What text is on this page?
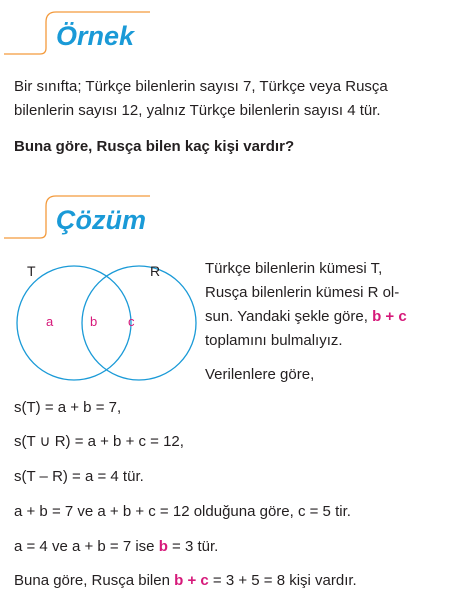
Örnek
Bir sınıfta; Türkçe bilenlerin sayısı 7, Türkçe veya Rusça
bilenlerin sayısı 12, yalnız Türkçe bilenlerin sayısı 4 tür.
Buna göre, Rusça bilen kaç kişi vardır?
Çözüm
T	R
a	b c
Türkçe bilenlerin kümesi T,
Rusça bilenlerin kümesi R ol-
sun. Yandaki şekle göre, b + c
toplamını bulmalıyız.
Verilenlere göre,
s(T) = a + b = 7,
s(T ∪ R) = a + b + c = 12,
s(T – R) = a = 4 tür.
a + b = 7 ve a + b + c = 12 olduğuna göre, c = 5 tir.
a = 4 ve a + b = 7 ise b = 3 tür.
Buna göre, Rusça bilen b + c = 3 + 5 = 8 kişi vardır.
